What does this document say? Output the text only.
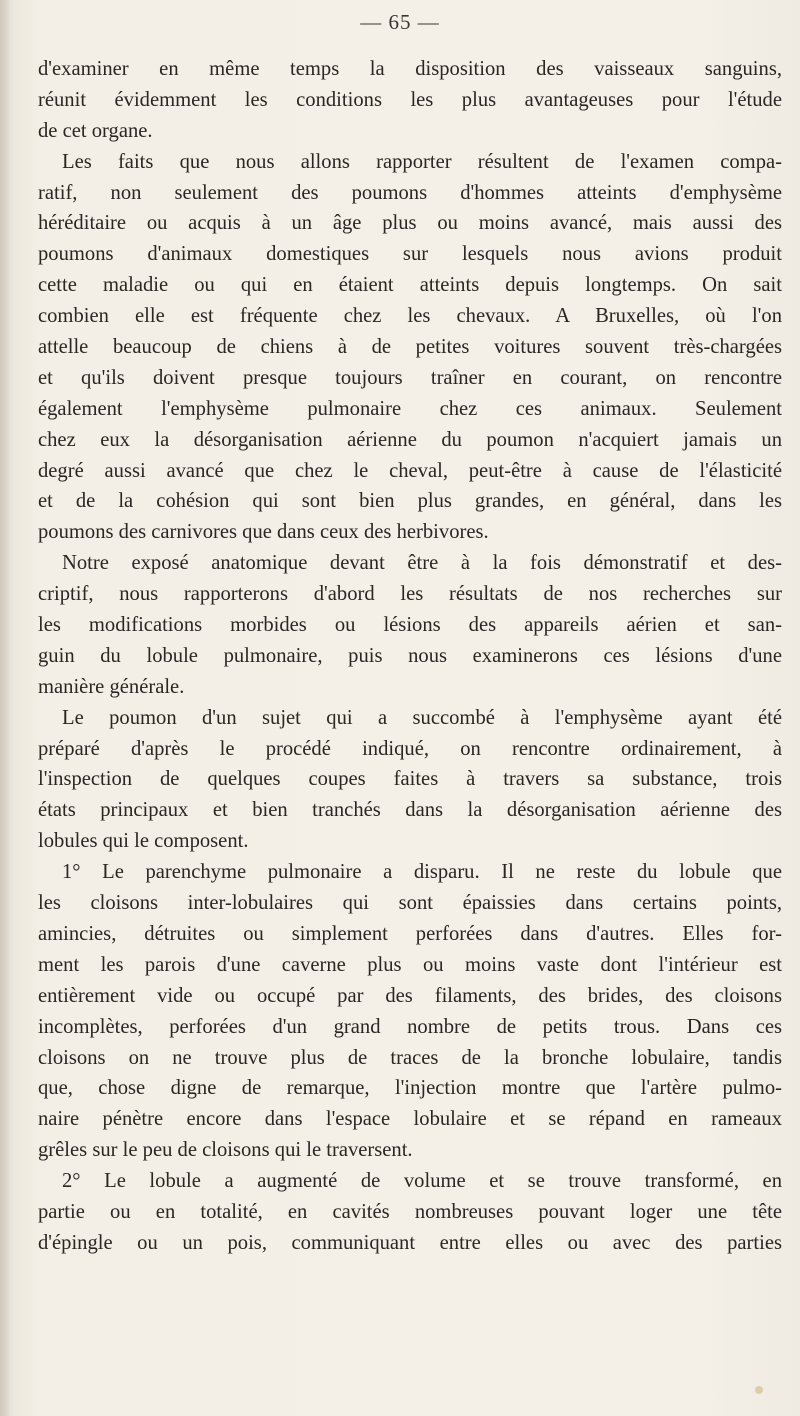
— 65 —
d'examiner en même temps la disposition des vaisseaux sanguins,
réunit évidemment les conditions les plus avantageuses pour l'étude
de cet organe.
Les faits que nous allons rapporter résultent de l'examen compa-
ratif, non seulement des poumons d'hommes atteints d'emphysème
héréditaire ou acquis à un âge plus ou moins avancé, mais aussi des
poumons d'animaux domestiques sur lesquels nous avions produit
cette maladie ou qui en étaient atteints depuis longtemps. On sait
combien elle est fréquente chez les chevaux. A Bruxelles, où l'on
attelle beaucoup de chiens à de petites voitures souvent très-chargées
et qu'ils doivent presque toujours traîner en courant, on rencontre
également l'emphysème pulmonaire chez ces animaux. Seulement
chez eux la désorganisation aérienne du poumon n'acquiert jamais un
degré aussi avancé que chez le cheval, peut-être à cause de l'élasticité
et de la cohésion qui sont bien plus grandes, en général, dans les
poumons des carnivores que dans ceux des herbivores.
Notre exposé anatomique devant être à la fois démonstratif et des-
criptif, nous rapporterons d'abord les résultats de nos recherches sur
les modifications morbides ou lésions des appareils aérien et san-
guin du lobule pulmonaire, puis nous examinerons ces lésions d'une
manière générale.
Le poumon d'un sujet qui a succombé à l'emphysème ayant été
préparé d'après le procédé indiqué, on rencontre ordinairement, à
l'inspection de quelques coupes faites à travers sa substance, trois
états principaux et bien tranchés dans la désorganisation aérienne des
lobules qui le composent.
1° Le parenchyme pulmonaire a disparu. Il ne reste du lobule que
les cloisons inter-lobulaires qui sont épaissies dans certains points,
amincies, détruites ou simplement perforées dans d'autres. Elles for-
ment les parois d'une caverne plus ou moins vaste dont l'intérieur est
entièrement vide ou occupé par des filaments, des brides, des cloisons
incomplètes, perforées d'un grand nombre de petits trous. Dans ces
cloisons on ne trouve plus de traces de la bronche lobulaire, tandis
que, chose digne de remarque, l'injection montre que l'artère pulmo-
naire pénètre encore dans l'espace lobulaire et se répand en rameaux
grêles sur le peu de cloisons qui le traversent.
2° Le lobule a augmenté de volume et se trouve transformé, en
partie ou en totalité, en cavités nombreuses pouvant loger une tête
d'épingle ou un pois, communiquant entre elles ou avec des parties
